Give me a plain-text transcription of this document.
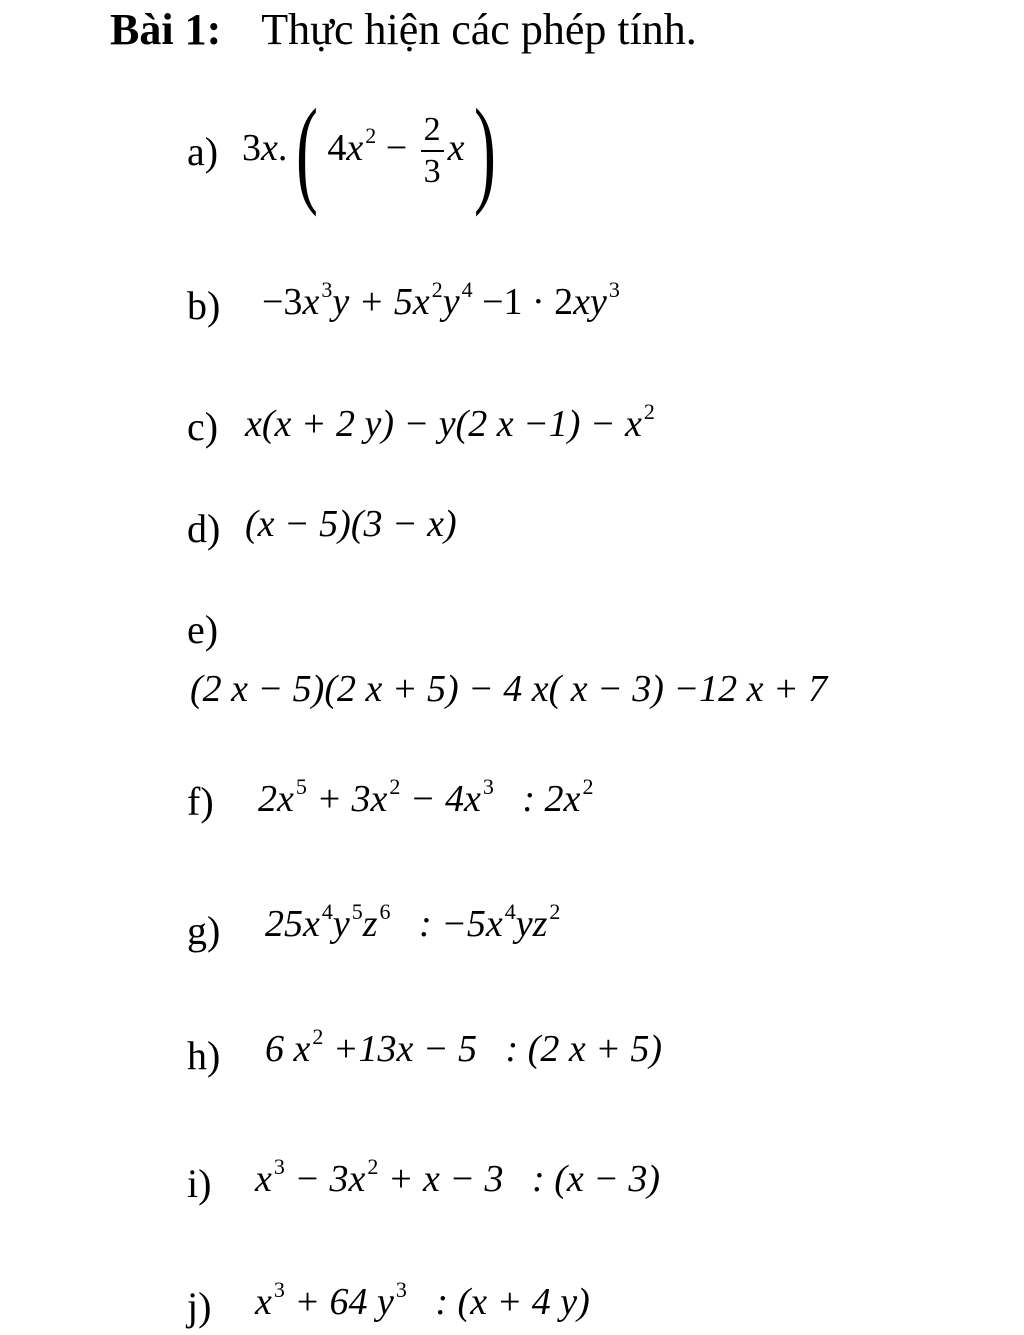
Bài 1: Thực hiện các phép tính.
a) 3x.( $4x^2 - \frac{2}{3} x$)
$b) -3x^3y + 5x^2y^4 -1 \cdot 2xy^3$
c) x(x + 2 y) − y(2 $x -1) - x^2$
d) (x − 5)(3 − x)
e)
(2 x − 5)(2 x + 5) − 4 x( x − 3) −12 x + 7
f) $2x^5 + 3x^2 - 4x^3$ : $2x^2$
g) $25x^4y^5z^6$ : $-5x^4yz^2$
h) 6 $x^2 +13x - 5$ : (2 x + 5)
i) $x^3 - 3x^2 + x - 3$ : (x − 3)
j) $x^3 + 64$ $y^3$ : (x + 4 y)
